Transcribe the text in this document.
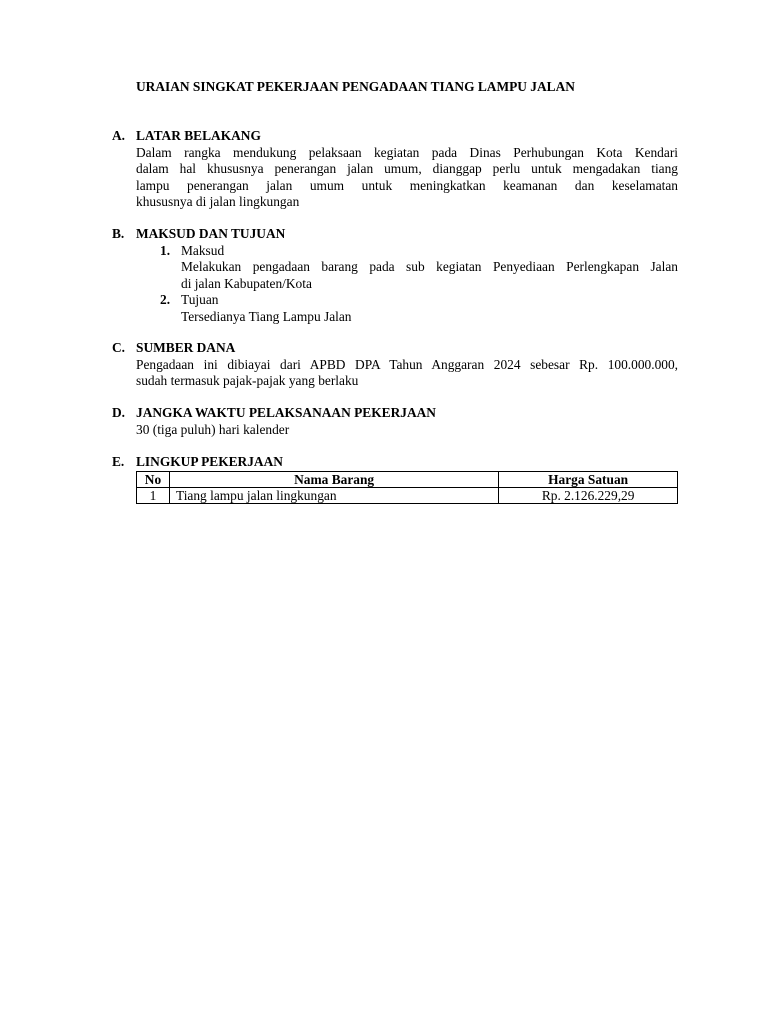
URAIAN SINGKAT PEKERJAAN PENGADAAN TIANG LAMPU JALAN
A. LATAR BELAKANG
Dalam rangka mendukung pelaksaan kegiatan pada Dinas Perhubungan Kota Kendari
dalam hal khususnya penerangan jalan umum, dianggap perlu untuk mengadakan tiang
lampu penerangan jalan umum untuk meningkatkan keamanan dan keselamatan
khususnya di jalan lingkungan
B. MAKSUD DAN TUJUAN
1. Maksud
Melakukan pengadaan barang pada sub kegiatan Penyediaan Perlengkapan Jalan
di jalan Kabupaten/Kota
2. Tujuan
Tersedianya Tiang Lampu Jalan
C. SUMBER DANA
Pengadaan ini dibiayai dari APBD DPA Tahun Anggaran 2024 sebesar Rp. 100.000.000,
sudah termasuk pajak-pajak yang berlaku
D. JANGKA WAKTU PELAKSANAAN PEKERJAAN
30 (tiga puluh) hari kalender
E. LINGKUP PEKERJAAN
No	Nama Barang	Harga Satuan
1	Tiang lampu jalan lingkungan	Rp. 2.126.229,29
